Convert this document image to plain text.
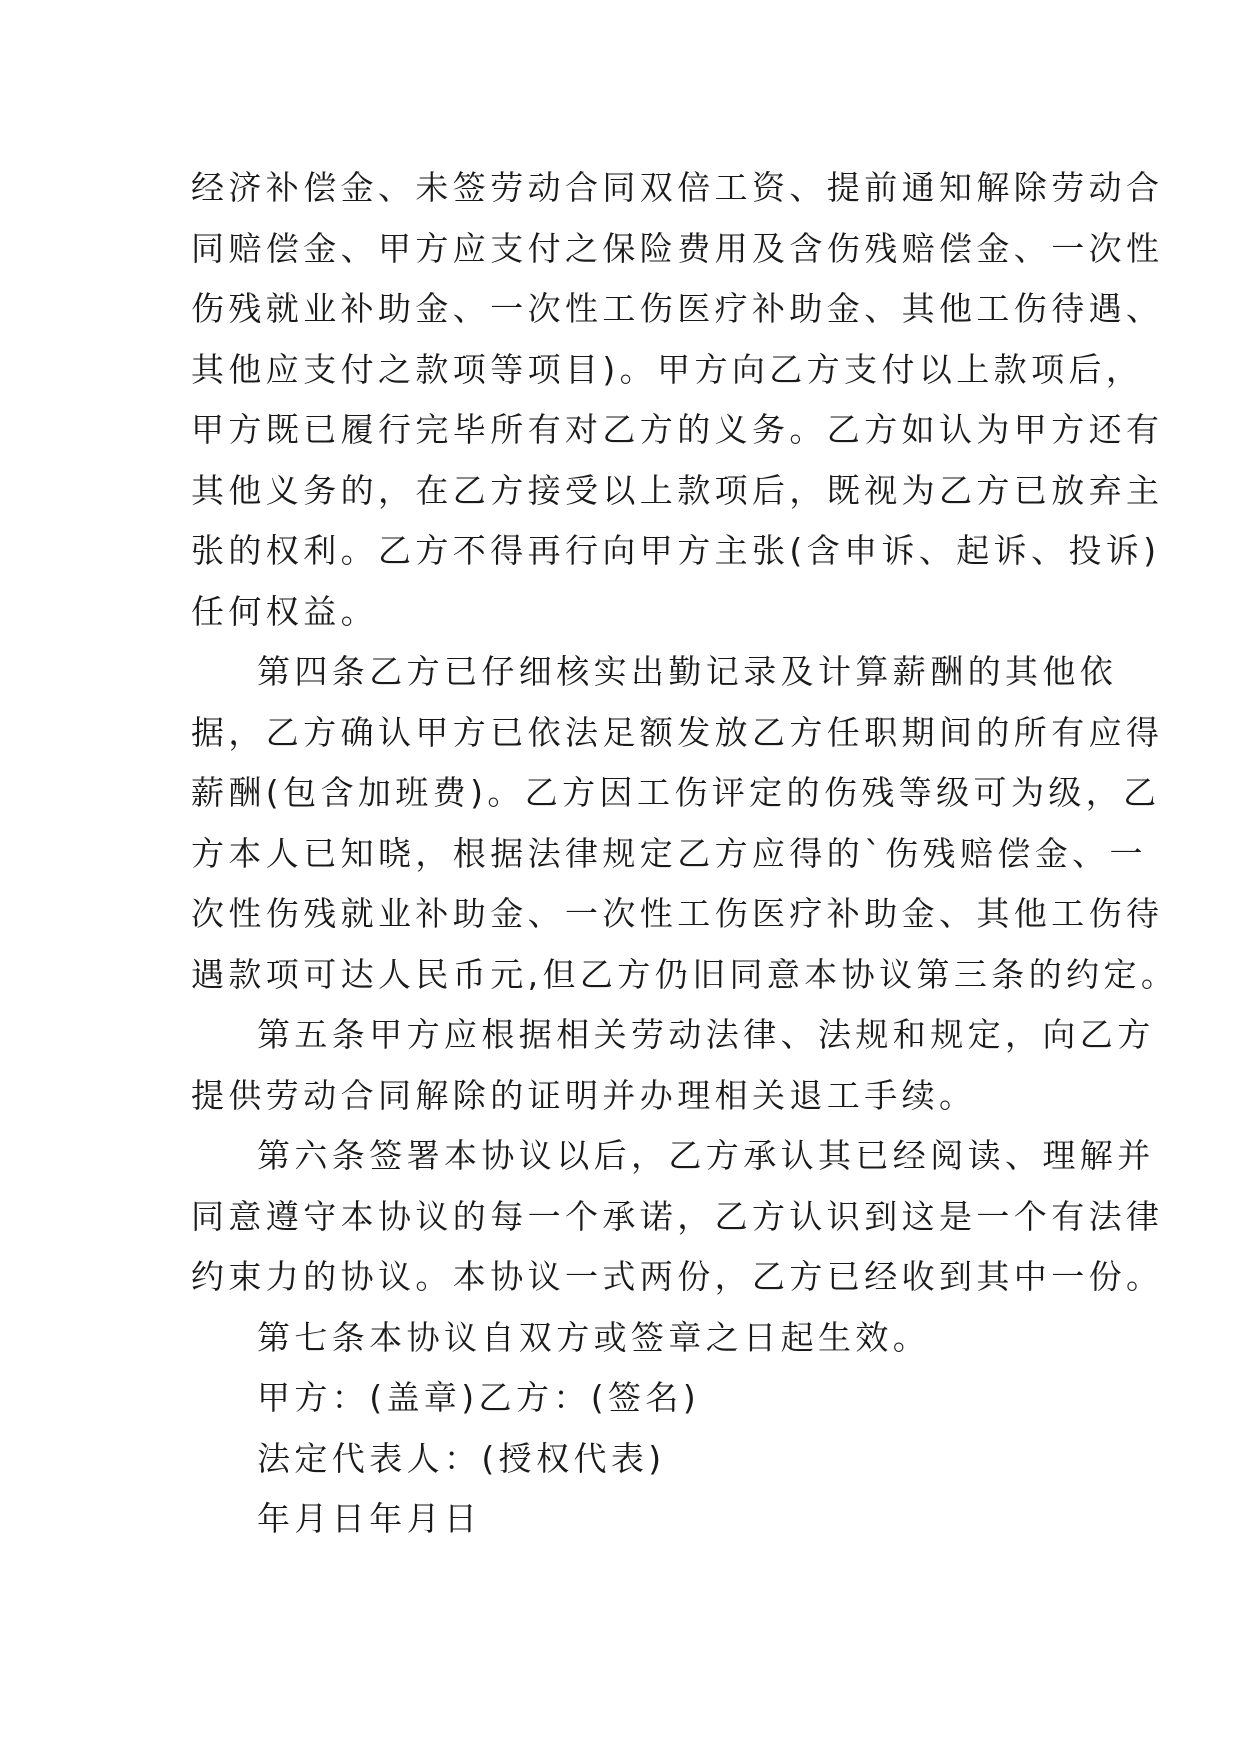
经济补偿金、未签劳动合同双倍工资、提前通知解除劳动合
同赔偿金、甲方应支付之保险费用及含伤残赔偿金、一次性
伤残就业补助金、一次性工伤医疗补助金、其他工伤待遇、
其他应支付之款项等项目)。甲方向乙方支付以上款项后，
甲方既已履行完毕所有对乙方的义务。乙方如认为甲方还有
其他义务的，在乙方接受以上款项后，既视为乙方已放弃主
张的权利。乙方不得再行向甲方主张(含申诉、起诉、投诉)
任何权益。
第四条乙方已仔细核实出勤记录及计算薪酬的其他依
据，乙方确认甲方已依法足额发放乙方任职期间的所有应得
薪酬(包含加班费)。乙方因工伤评定的伤残等级可为级，乙
方本人已知晓，根据法律规定乙方应得的`伤残赔偿金、一
次性伤残就业补助金、一次性工伤医疗补助金、其他工伤待
遇款项可达人民币元,但乙方仍旧同意本协议第三条的约定。
第五条甲方应根据相关劳动法律、法规和规定，向乙方
提供劳动合同解除的证明并办理相关退工手续。
第六条签署本协议以后，乙方承认其已经阅读、理解并
同意遵守本协议的每一个承诺，乙方认识到这是一个有法律
约束力的协议。本协议一式两份，乙方已经收到其中一份。
第七条本协议自双方或签章之日起生效。
甲方：(盖章)乙方：(签名)
法定代表人：(授权代表)
年月日年月日
